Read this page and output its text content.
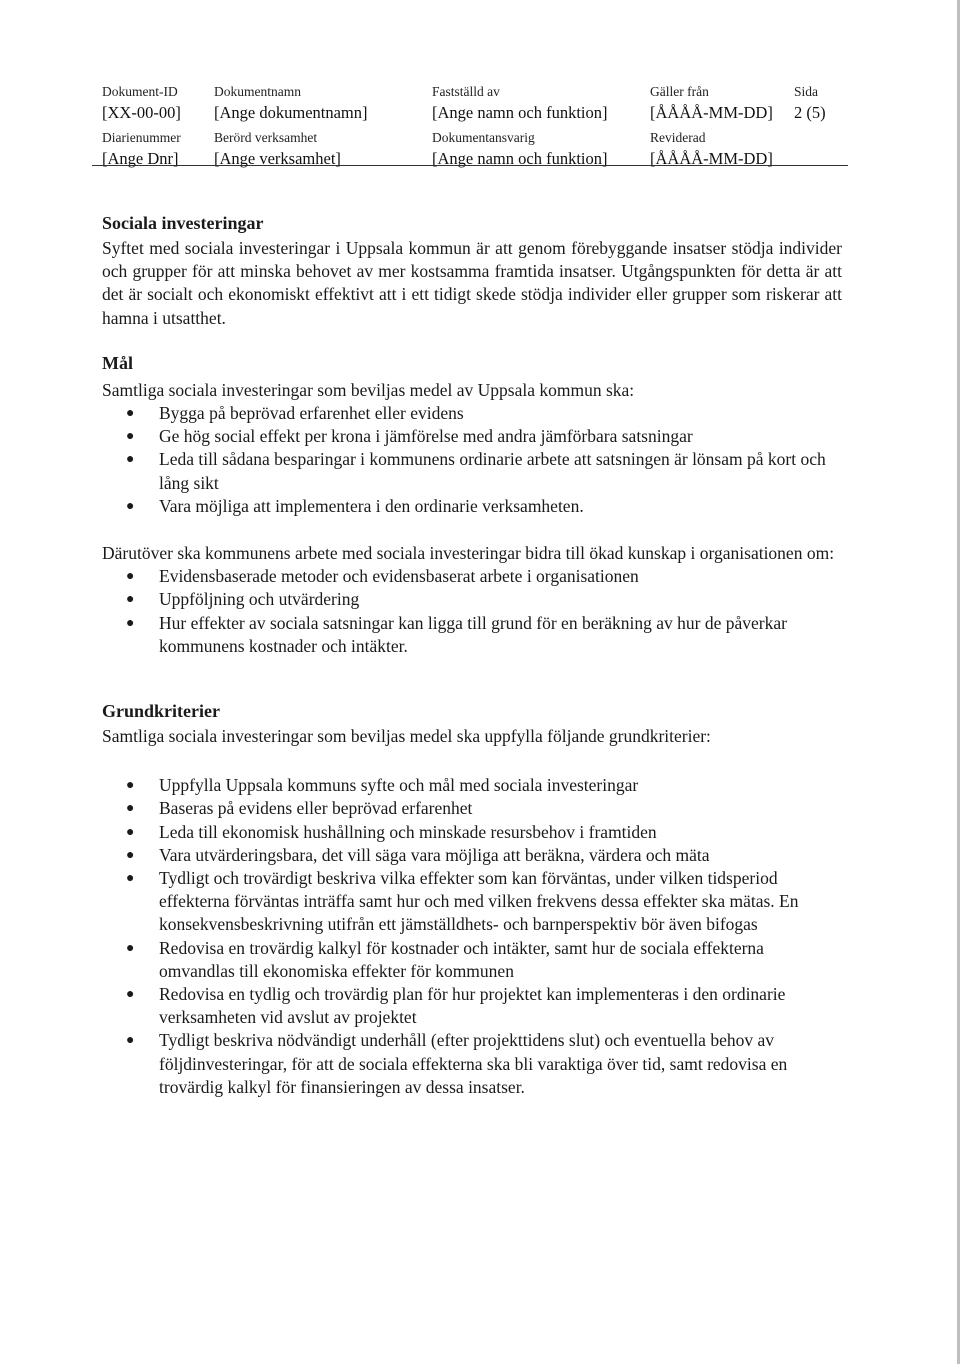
Dokument-ID
[XX-00-00]
Dokumentnamn
[Ange dokumentnamn]
Fastställd av
[Ange namn och funktion]
Gäller från
[ÅÅÅÅ-MM-DD]
Sida
2 (5)
Diarienummer
[Ange Dnr]
Berörd verksamhet
[Ange verksamhet]
Dokumentansvarig
[Ange namn och funktion]
Reviderad
[ÅÅÅÅ-MM-DD]
Sociala investeringar

Syftet med sociala investeringar i Uppsala kommun är att genom förebyggande insatser stödja individer och grupper för att minska behovet av mer kostsamma framtida insatser. Utgångspunkten för detta är att det är socialt och ekonomiskt effektivt att i ett tidigt skede stödja individer eller grupper som riskerar att hamna i utsatthet.

Mål

Samtliga sociala investeringar som beviljas medel av Uppsala kommun ska:

● Bygga på beprövad erfarenhet eller evidens
● Ge hög social effekt per krona i jämförelse med andra jämförbara satsningar
● Leda till sådana besparingar i kommunens ordinarie arbete att satsningen är lönsam på kort och lång sikt
● Vara möjliga att implementera i den ordinarie verksamheten.

Därutöver ska kommunens arbete med sociala investeringar bidra till ökad kunskap i organisationen om:

● Evidensbaserade metoder och evidensbaserat arbete i organisationen
● Uppföljning och utvärdering
● Hur effekter av sociala satsningar kan ligga till grund för en beräkning av hur de påverkar kommunens kostnader och intäkter.
Grundkriterier

Samtliga sociala investeringar som beviljas medel ska uppfylla följande grundkriterier:

● Uppfylla Uppsala kommuns syfte och mål med sociala investeringar
● Baseras på evidens eller beprövad erfarenhet
● Leda till ekonomisk hushållning och minskade resursbehov i framtiden
● Vara utvärderingsbara, det vill säga vara möjliga att beräkna, värdera och mäta
● Tydligt och trovärdigt beskriva vilka effekter som kan förväntas, under vilken tidsperiod effekterna förväntas inträffa samt hur och med vilken frekvens dessa effekter ska mätas. En konsekvensbeskrivning utifrån ett jämställdhets- och barnperspektiv bör även bifogas
● Redovisa en trovärdig kalkyl för kostnader och intäkter, samt hur de sociala effekterna omvandlas till ekonomiska effekter för kommunen
● Redovisa en tydlig och trovärdig plan för hur projektet kan implementeras i den ordinarie verksamheten vid avslut av projektet
● Tydligt beskriva nödvändigt underhåll (efter projekttidens slut) och eventuella behov av följdinvesteringar, för att de sociala effekterna ska bli varaktiga över tid, samt redovisa en trovärdig kalkyl för finansieringen av dessa insatser.
